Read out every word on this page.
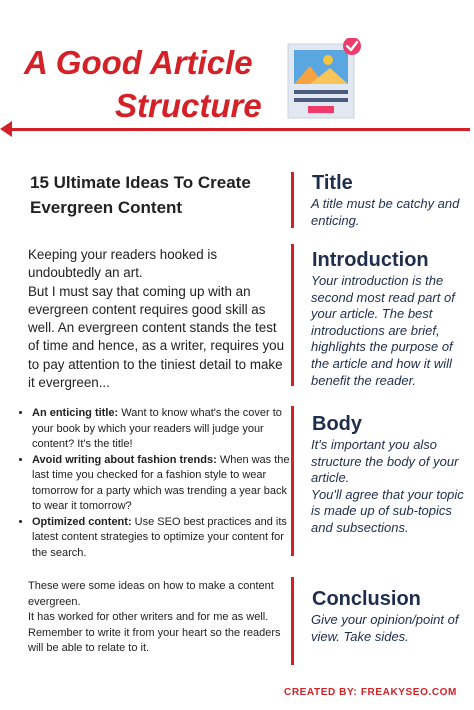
A Good Article
Structure
15 Ultimate Ideas To Create Evergreen Content
Keeping your readers hooked is undoubtedly an art.
But I must say that coming up with an evergreen content requires good skill as well. An evergreen content stands the test of time and hence, as a writer, requires you to pay attention to the tiniest detail to make it evergreen...
• An enticing title: Want to know what's the cover to your book by which your readers will judge your content? It's the title!
• Avoid writing about fashion trends: When was the last time you checked for a fashion style to wear tomorrow for a party which was trending a year back to wear it tomorrow?
• Optimized content: Use SEO best practices and its latest content strategies to optimize your content for the search.
These were some ideas on how to make a content evergreen.
It has worked for other writers and for me as well. Remember to write it from your heart so the readers will be able to relate to it.
Title
A title must be catchy and enticing.
Introduction
Your introduction is the second most read part of your article. The best introductions are brief, highlights the purpose of the article and how it will benefit the reader.
Body
It's important you also structure the body of your article.
You'll agree that your topic is made up of sub-topics and subsections.
Conclusion
Give your opinion/point of view. Take sides.
CREATED BY: FREAKYSEO.COM
